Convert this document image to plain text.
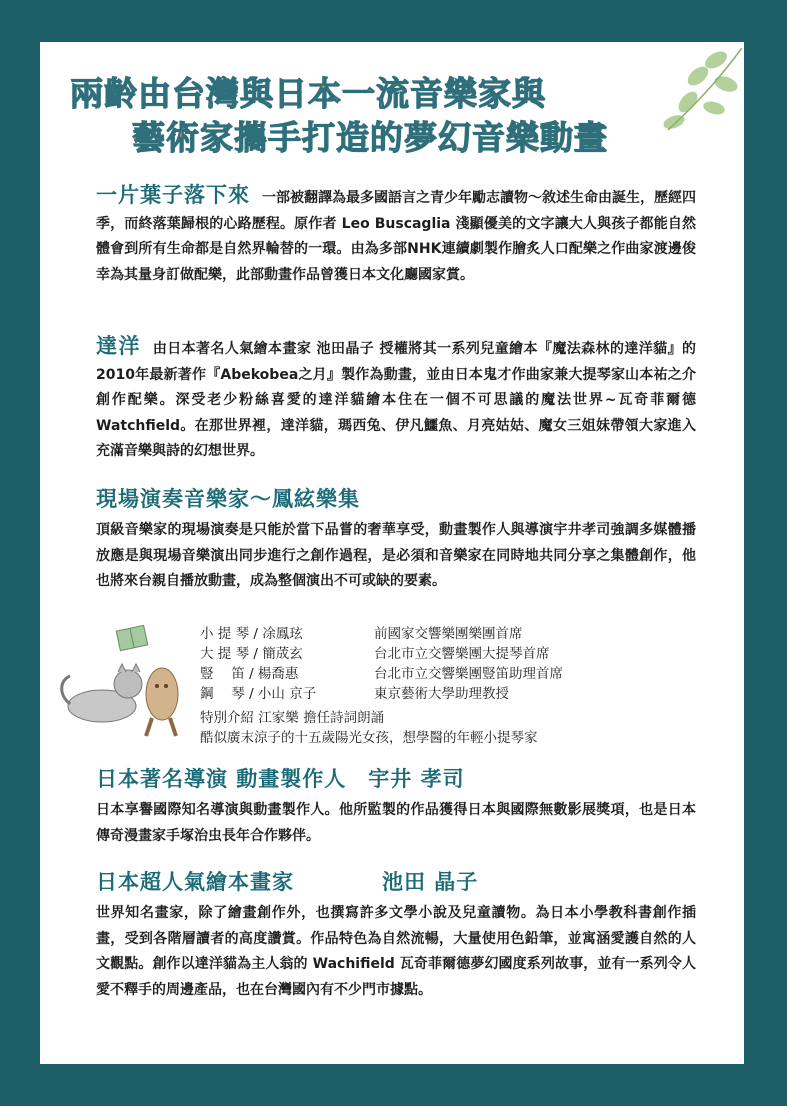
兩齡由台灣與日本一流音樂家與
藝術家攜手打造的夢幻音樂動畫
一片葉子落下來 一部被翻譯為最多國語言之青少年勵志讀物～敘述生命由誕生，歷經四季，而終落葉歸根的心路歷程。原作者 Leo Buscaglia 淺顯優美的文字讓大人與孩子都能自然體會到所有生命都是自然界輪替的一環。由為多部NHK連續劇製作膾炙人口配樂之作曲家渡邊俊幸為其量身訂做配樂，此部動畫作品曾獲日本文化廳國家賞。
達洋 由日本著名人氣繪本畫家 池田晶子 授權將其一系列兒童繪本『魔法森林的達洋貓』的2010年最新著作『Abekobea之月』製作為動畫，並由日本鬼才作曲家兼大提琴家山本祐之介創作配樂。深受老少粉絲喜愛的達洋貓繪本住在一個不可思議的魔法世界~瓦奇菲爾德 Watchfield。在那世界裡，達洋貓，瑪西兔、伊凡鱷魚、月亮姑姑、魔女三姐妹帶領大家進入充滿音樂與詩的幻想世界。
現場演奏音樂家～鳳絃樂集
頂級音樂家的現場演奏是只能於當下品嘗的奢華享受，動畫製作人與導演宇井孝司強調多媒體播放應是與現場音樂演出同步進行之創作過程，是必須和音樂家在同時地共同分享之集體創作，他也將來台親自播放動畫，成為整個演出不可或缺的要素。
小 提 琴 / 凃鳳玹	前國家交響樂團樂團首席
大 提 琴 / 簡荿玄	台北市立交響樂團大提琴首席
豎　 笛 / 楊喬惠	台北市立交響樂團豎笛助理首席
鋼　 琴 / 小山 京子	東京藝術大學助理教授
特別介紹 江家樂 擔任詩詞朗誦
酷似廣末涼子的十五歲陽光女孩，想學醫的年輕小提琴家
日本著名導演 動畫製作人　宇井 孝司
日本享譽國際知名導演與動畫製作人。他所監製的作品獲得日本與國際無數影展獎項，也是日本傳奇漫畫家手塚治虫長年合作夥伴。
日本超人氣繪本畫家　　　　池田 晶子
世界知名畫家，除了繪畫創作外，也撰寫許多文學小說及兒童讀物。為日本小學教科書創作插畫，受到各階層讀者的高度讚賞。作品特色為自然流暢，大量使用色鉛筆，並寓涵愛護自然的人文觀點。創作以達洋貓為主人翁的 Wachifield 瓦奇菲爾德夢幻國度系列故事，並有一系列令人愛不釋手的周邊產品，也在台灣國內有不少門市據點。
